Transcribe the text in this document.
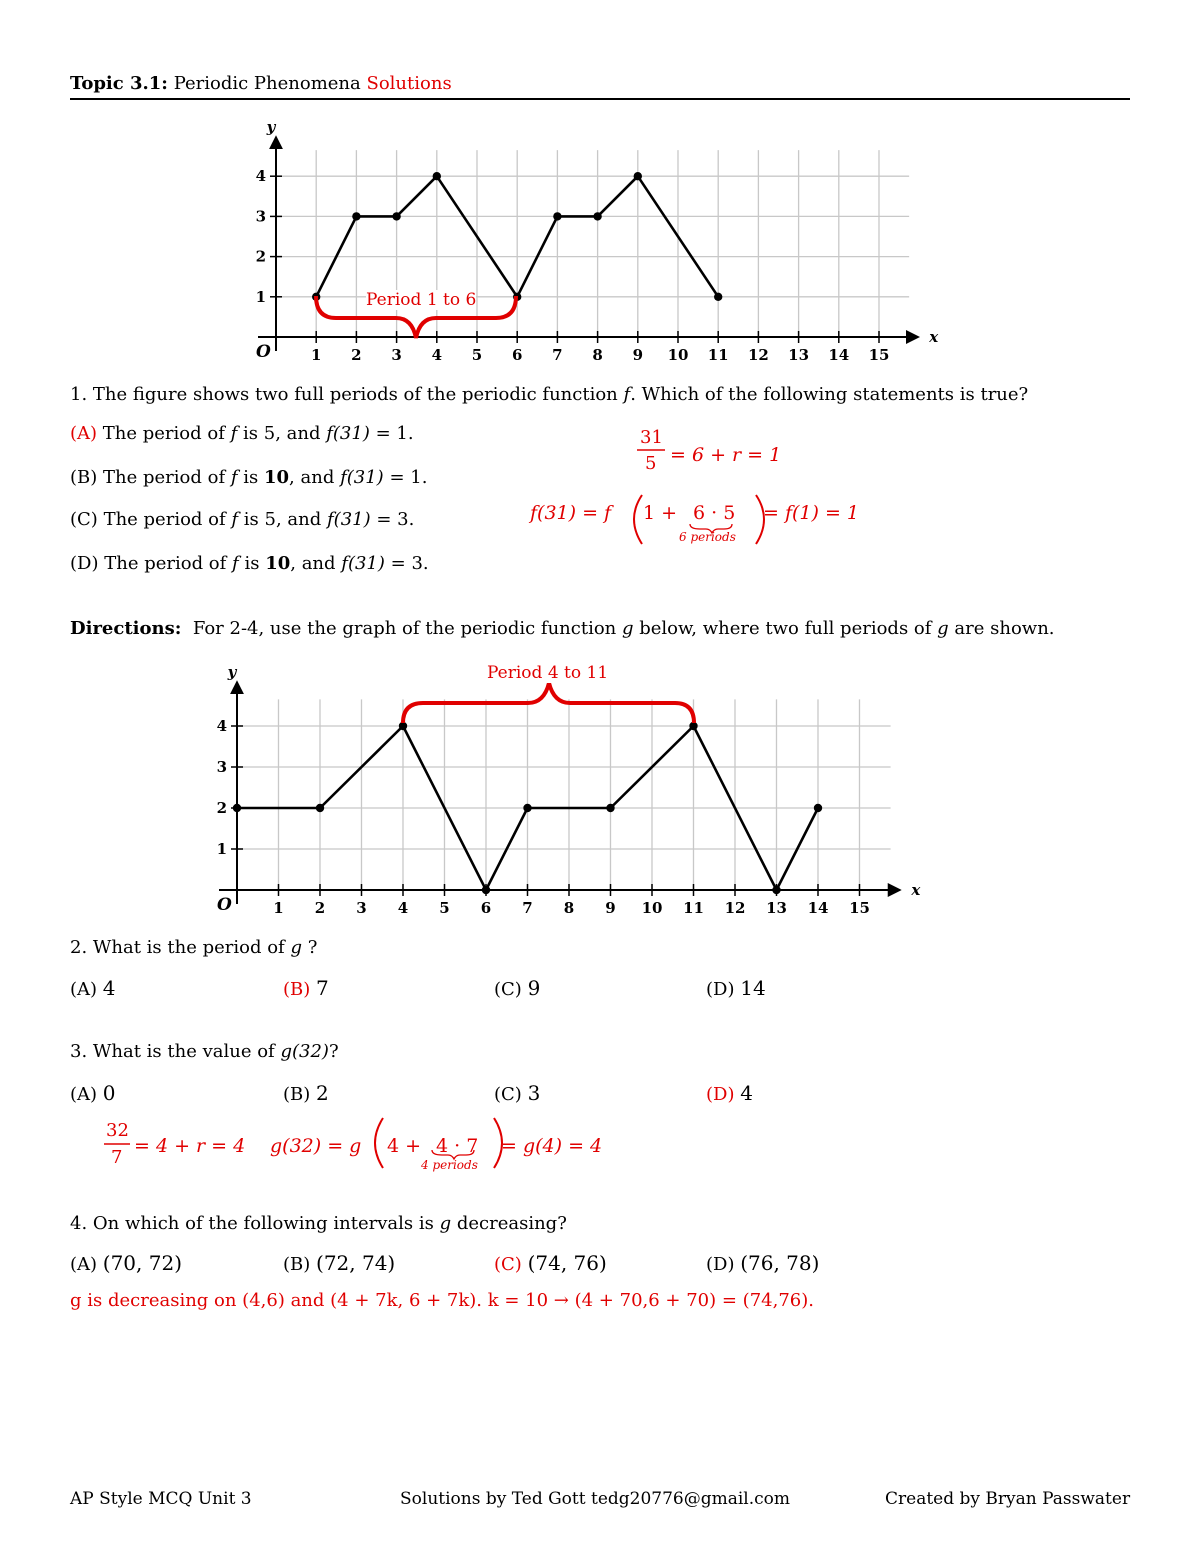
Topic 3.1: Periodic Phenomena Solutions
1 2 3 4 5 6 7 8 9 10 11 12 13 14 15
1
2
3
4
O
x
y
1 2 3 4 5 6 7 8 9 10 11 12 13 14 15
1
2
3
4
O
x
y
Period 1 to 6
Period 4 to 11
1. The figure shows two full periods of the periodic function f. Which of the following statements is true?
(A) The period of f is 5, and f(31) = 1.
(B) The period of f is 10, and f(31) = 1.
(C) The period of f is 5, and f(31) = 3.
(D) The period of f is 10, and f(31) = 3.
31
5 = 6 + r = 1
f(31) = f 1 + 6 · 5
6 periods
= f(1) = 1
Directions: For 2-4, use the graph of the periodic function g below, where two full periods of g are shown.
2. What is the period of g ?
(A) 4	(B) 7	(C) 9	(D) 14
3. What is the value of g(32)?
(A) 0	(B) 2	(C) 3	(D) 4
32
7
= 4 + r = 4 g(32) = g 4 + 4 · 7
4 periods
= g(4) = 4
4. On which of the following intervals is g decreasing?
(A) (70, 72)	(B) (72, 74)	(C) (74, 76)	(D) (76, 78)
g is decreasing on (4,6) and (4 + 7k, 6 + 7k). k = 10 → (4 + 70,6 + 70) = (74,76).
AP Style MCQ Unit 3	Solutions by Ted Gott tedg20776@gmail.com	Created by Bryan Passwater
